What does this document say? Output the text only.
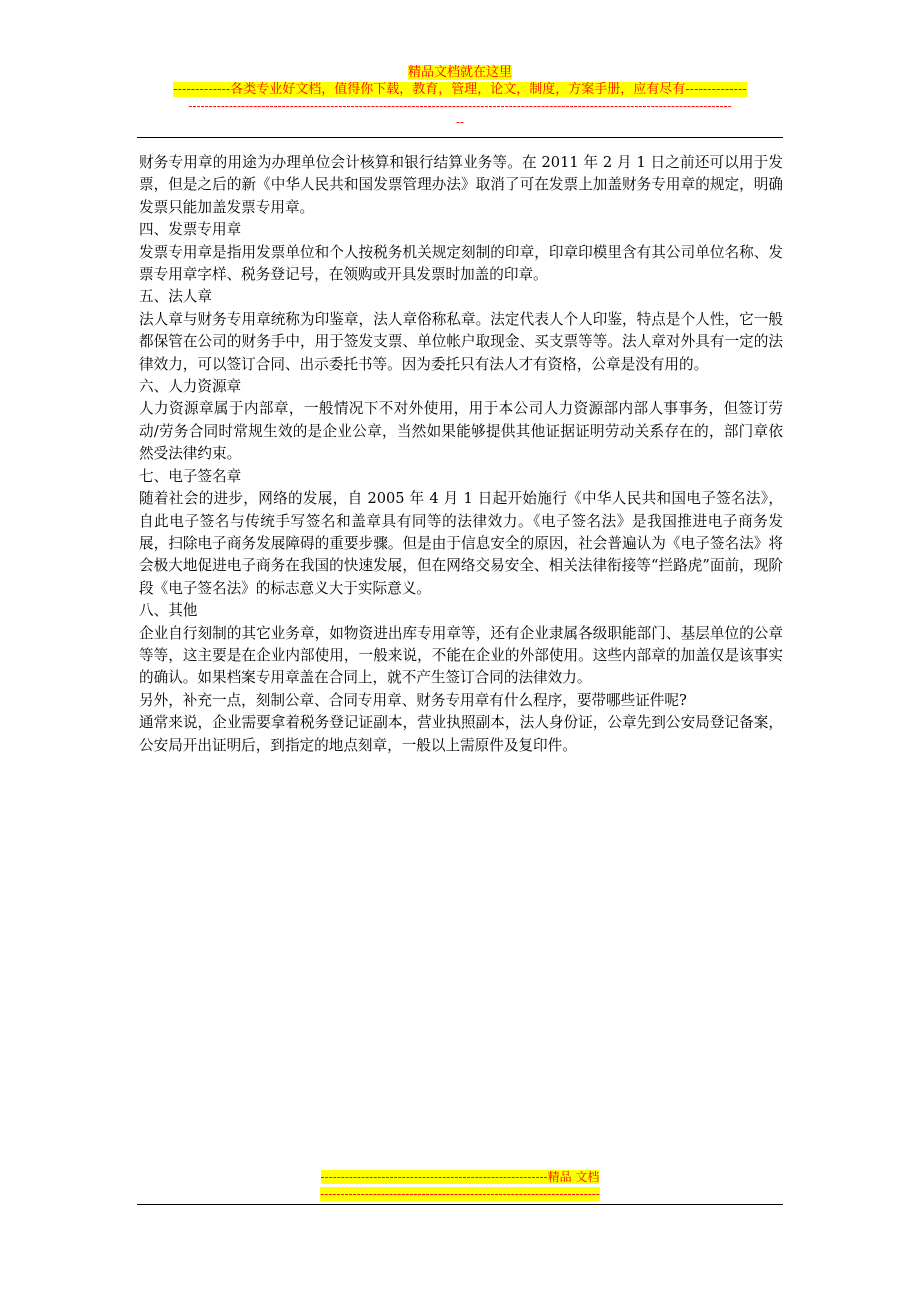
精品文档就在这里
-------------各类专业好文档，值得你下载，教育，管理，论文，制度，方案手册，应有尽有--------------
--------------------------------------------------------------------------------------------------------------------------------------
--

财务专用章的用途为办理单位会计核算和银行结算业务等。在 2011 年 2 月 1 日之前还可以用于发票，但是之后的新《中华人民共和国发票管理办法》取消了可在发票上加盖财务专用章的规定，明确发票只能加盖发票专用章。

四、发票专用章

发票专用章是指用发票单位和个人按税务机关规定刻制的印章，印章印模里含有其公司单位名称、发票专用章字样、税务登记号，在领购或开具发票时加盖的印章。

五、法人章

法人章与财务专用章统称为印鉴章，法人章俗称私章。法定代表人个人印鉴，特点是个人性，它一般都保管在公司的财务手中，用于签发支票、单位帐户取现金、买支票等等。法人章对外具有一定的法律效力，可以签订合同、出示委托书等。因为委托只有法人才有资格，公章是没有用的。

六、人力资源章

人力资源章属于内部章，一般情况下不对外使用，用于本公司人力资源部内部人事事务，但签订劳动/劳务合同时常规生效的是企业公章，当然如果能够提供其他证据证明劳动关系存在的，部门章依然受法律约束。

七、电子签名章

随着社会的进步，网络的发展，自 2005 年 4 月 1 日起开始施行《中华人民共和国电子签名法》，自此电子签名与传统手写签名和盖章具有同等的法律效力。《电子签名法》是我国推进电子商务发展，扫除电子商务发展障碍的重要步骤。但是由于信息安全的原因，社会普遍认为《电子签名法》将会极大地促进电子商务在我国的快速发展，但在网络交易安全、相关法律衔接等“拦路虎”面前，现阶段《电子签名法》的标志意义大于实际意义。

八、其他

企业自行刻制的其它业务章，如物资进出库专用章等，还有企业隶属各级职能部门、基层单位的公章等等，这主要是在企业内部使用，一般来说，不能在企业的外部使用。这些内部章的加盖仅是该事实的确认。如果档案专用章盖在合同上，就不产生签订合同的法律效力。

另外，补充一点，刻制公章、合同专用章、财务专用章有什么程序，要带哪些证件呢?

通常来说，企业需要拿着税务登记证副本，营业执照副本，法人身份证，公章先到公安局登记备案，公安局开出证明后，到指定的地点刻章，一般以上需原件及复印件。

--------------------------------------------------------精品 文档
---------------------------------------------------------------------
